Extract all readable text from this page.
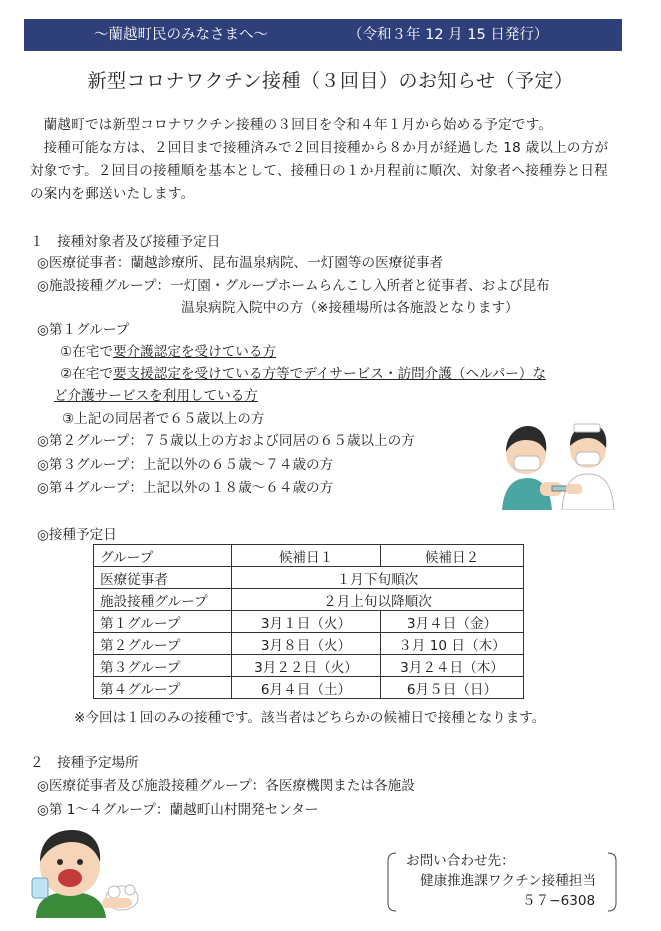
〜蘭越町民のみなさまへ〜	（令和３年 12 月 15 日発行）
新型コロナワクチン接種（３回目）のお知らせ（予定）

蘭越町では新型コロナワクチン接種の３回目を令和４年１月から始める予定です。

接種可能な方は、２回目まで接種済みで２回目接種から８か月が経過した 18 歳以上の方が対象です。２回目の接種順を基本として、接種日の１か月程前に順次、対象者へ接種券と日程の案内を郵送いたします。

１　接種対象者及び接種予定日
◎医療従事者：蘭越診療所、昆布温泉病院、一灯園等の医療従事者
◎施設接種グループ：一灯園・グループホームらんこし入所者と従事者、および昆布
温泉病院入院中の方（※接種場所は各施設となります）
◎第１グループ
①在宅で要介護認定を受けている方
②在宅で要支援認定を受けている方等でデイサービス・訪問介護（ヘルパー）な
ど介護サービスを利用している方
③上記の同居者で６５歳以上の方
◎第２グループ：７５歳以上の方および同居の６５歳以上の方
◎第３グループ：上記以外の６５歳〜７４歳の方
◎第４グループ：上記以外の１８歳〜６４歳の方
◎接種予定日
グループ	候補日１	候補日２
医療従事者	１月下旬順次	
施設接種グループ	２月上旬以降順次	
第１グループ	3月１日（火）	3月４日（金）
第２グループ	3月８日（火）	３月 10 日（木）
第３グループ	3月２２日（火）	3月２４日（木）
第４グループ	6月４日（土）	6月５日（日）
※今回は１回のみの接種です。該当者はどちらかの候補日で接種となります。
２　接種予定場所
◎医療従事者及び施設接種グループ：各医療機関または各施設
◎第 1〜４グループ：蘭越町山村開発センター
お問い合わせ先：
健康推進課ワクチン接種担当
５７−6308
